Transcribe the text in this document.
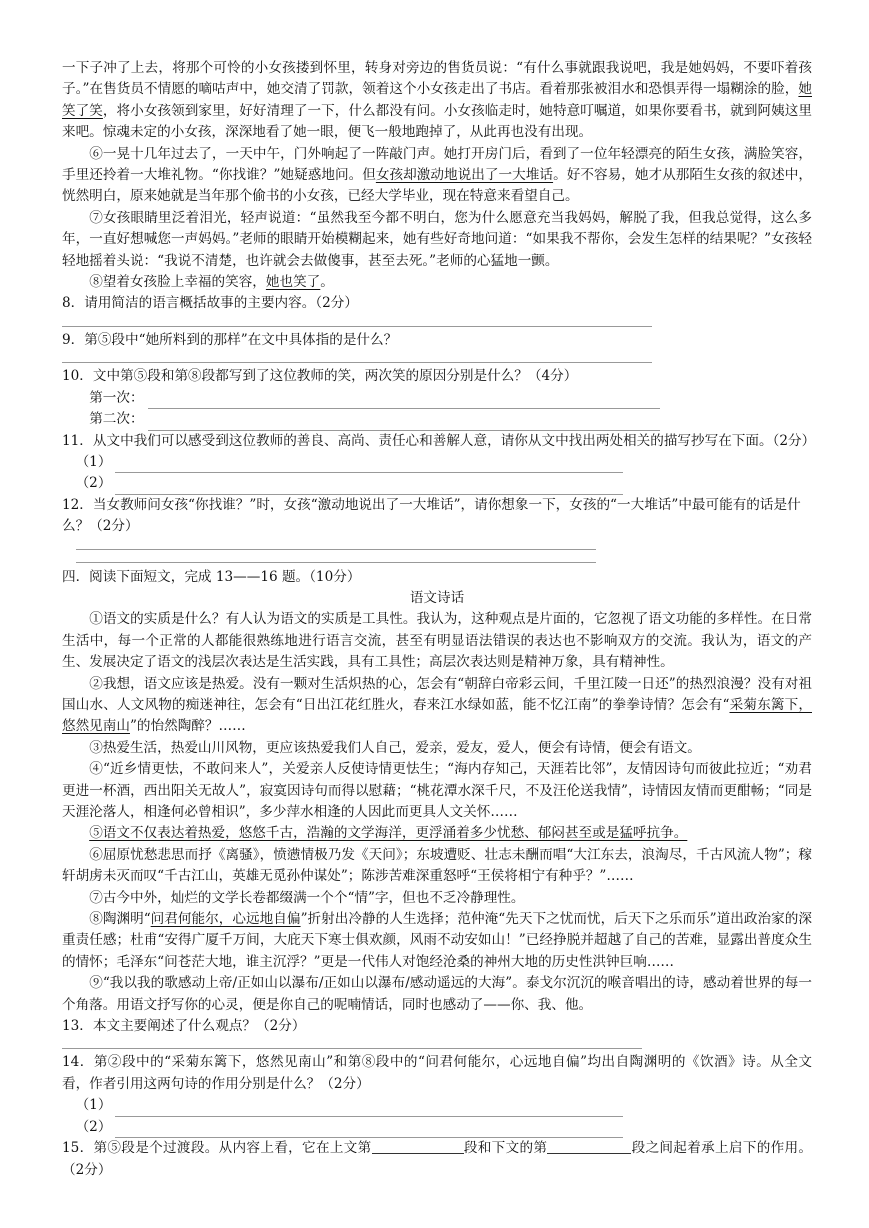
一下子冲了上去，将那个可怜的小女孩搂到怀里，转身对旁边的售货员说：“有什么事就跟我说吧，我是她妈妈，不要吓着孩子。”在售货员不情愿的嘀咕声中，她交清了罚款，领着这个小女孩走出了书店。看着那张被泪水和恐惧弄得一塌糊涂的脸，她笑了笑，将小女孩领到家里，好好清理了一下，什么都没有问。小女孩临走时，她特意叮嘱道，如果你要看书，就到阿姨这里来吧。惊魂未定的小女孩，深深地看了她一眼，便飞一般地跑掉了，从此再也没有出现。

⑥一晃十几年过去了，一天中午，门外响起了一阵敲门声。她打开房门后，看到了一位年轻漂亮的陌生女孩，满脸笑容，手里还拎着一大堆礼物。“你找谁？”她疑惑地问。但女孩却激动地说出了一大堆话。好不容易，她才从那陌生女孩的叙述中，恍然明白，原来她就是当年那个偷书的小女孩，已经大学毕业，现在特意来看望自己。

⑦女孩眼睛里泛着泪光，轻声说道：“虽然我至今都不明白，您为什么愿意充当我妈妈，解脱了我，但我总觉得，这么多年，一直好想喊您一声妈妈。”老师的眼睛开始模糊起来，她有些好奇地问道：“如果我不帮你，会发生怎样的结果呢？”女孩轻轻地摇着头说：“我说不清楚，也许就会去做傻事，甚至去死。”老师的心猛地一颤。

⑧望着女孩脸上幸福的笑容，她也笑了。

8．请用简洁的语言概括故事的主要内容。（2分）

9．第⑤段中“她所料到的那样”在文中具体指的是什么？

10．文中第⑤段和第⑧段都写到了这位教师的笑，两次笑的原因分别是什么？（4分）

第一次：
第二次：

11．从文中我们可以感受到这位教师的善良、高尚、责任心和善解人意，请你从文中找出两处相关的描写抄写在下面。（2分）

（1）
（2）

12．当女教师问女孩“你找谁？”时，女孩“激动地说出了一大堆话”，请你想象一下，女孩的“一大堆话”中最可能有的话是什么？（2分）

四．阅读下面短文，完成 13——16 题。（10分）

语文诗话

①语文的实质是什么？有人认为语文的实质是工具性。我认为，这种观点是片面的，它忽视了语文功能的多样性。在日常生活中，每一个正常的人都能很熟练地进行语言交流，甚至有明显语法错误的表达也不影响双方的交流。我认为，语文的产生、发展决定了语文的浅层次表达是生活实践，具有工具性；高层次表达则是精神万象，具有精神性。

②我想，语文应该是热爱。没有一颗对生活炽热的心，怎会有“朝辞白帝彩云间，千里江陵一日还”的热烈浪漫？没有对祖国山水、人文风物的痴迷神往，怎会有“日出江花红胜火，春来江水绿如蓝，能不忆江南”的拳拳诗情？怎会有“采菊东篱下，悠然见南山”的怡然陶醉？……

③热爱生活，热爱山川风物，更应该热爱我们人自己，爱亲，爱友，爱人，便会有诗情，便会有语文。

④“近乡情更怯，不敢问来人”，关爱亲人反使诗情更怯生；“海内存知己，天涯若比邻”，友情因诗句而彼此拉近；“劝君更进一杯酒，西出阳关无故人”，寂寞因诗句而得以慰藉；“桃花潭水深千尺，不及汪伦送我情”，诗情因友情而更酣畅；“同是天涯沦落人，相逢何必曾相识”，多少萍水相逢的人因此而更具人文关怀……

⑤语文不仅表达着热爱，悠悠千古，浩瀚的文学海洋，更浮涌着多少忧愁、郁闷甚至或是猛呼抗争。

⑥屈原忧愁悲思而抒《离骚》，愤懑情极乃发《天问》；东坡遭贬、壮志未酬而唱“大江东去，浪淘尽，千古风流人物”；稼轩胡虏未灭而叹“千古江山，英雄无觅孙仲谋处”；陈涉苦难深重怒呼“王侯将相宁有种乎？”……

⑦古今中外，灿烂的文学长卷都缀满一个个“情”字，但也不乏冷静理性。

⑧陶渊明“问君何能尔，心远地自偏”折射出冷静的人生选择；范仲淹“先天下之忧而忧，后天下之乐而乐”道出政治家的深重责任感；杜甫“安得广厦千万间，大庇天下寒士俱欢颜，风雨不动安如山！”已经挣脱并超越了自己的苦难，显露出普度众生的情怀；毛泽东“问苍茫大地，谁主沉浮？”更是一代伟人对饱经沧桑的神州大地的历史性洪钟巨响……

⑨“我以我的歌感动上帝/正如山以瀑布/正如山以瀑布/感动遥远的大海”。泰戈尔沉沉的喉音唱出的诗，感动着世界的每一个角落。用语文抒写你的心灵，便是你自己的呢喃情话，同时也感动了——你、我、他。

13．本文主要阐述了什么观点？（2分）

14．第②段中的“采菊东篱下，悠然见南山”和第⑧段中的“问君何能尔，心远地自偏”均出自陶渊明的《饮酒》诗。从全文看，作者引用这两句诗的作用分别是什么？（2分）

（1）
（2）

15．第⑤段是个过渡段。从内容上看，它在上文第	段和下文的第	段之间起着承上启下的作用。（2分）
